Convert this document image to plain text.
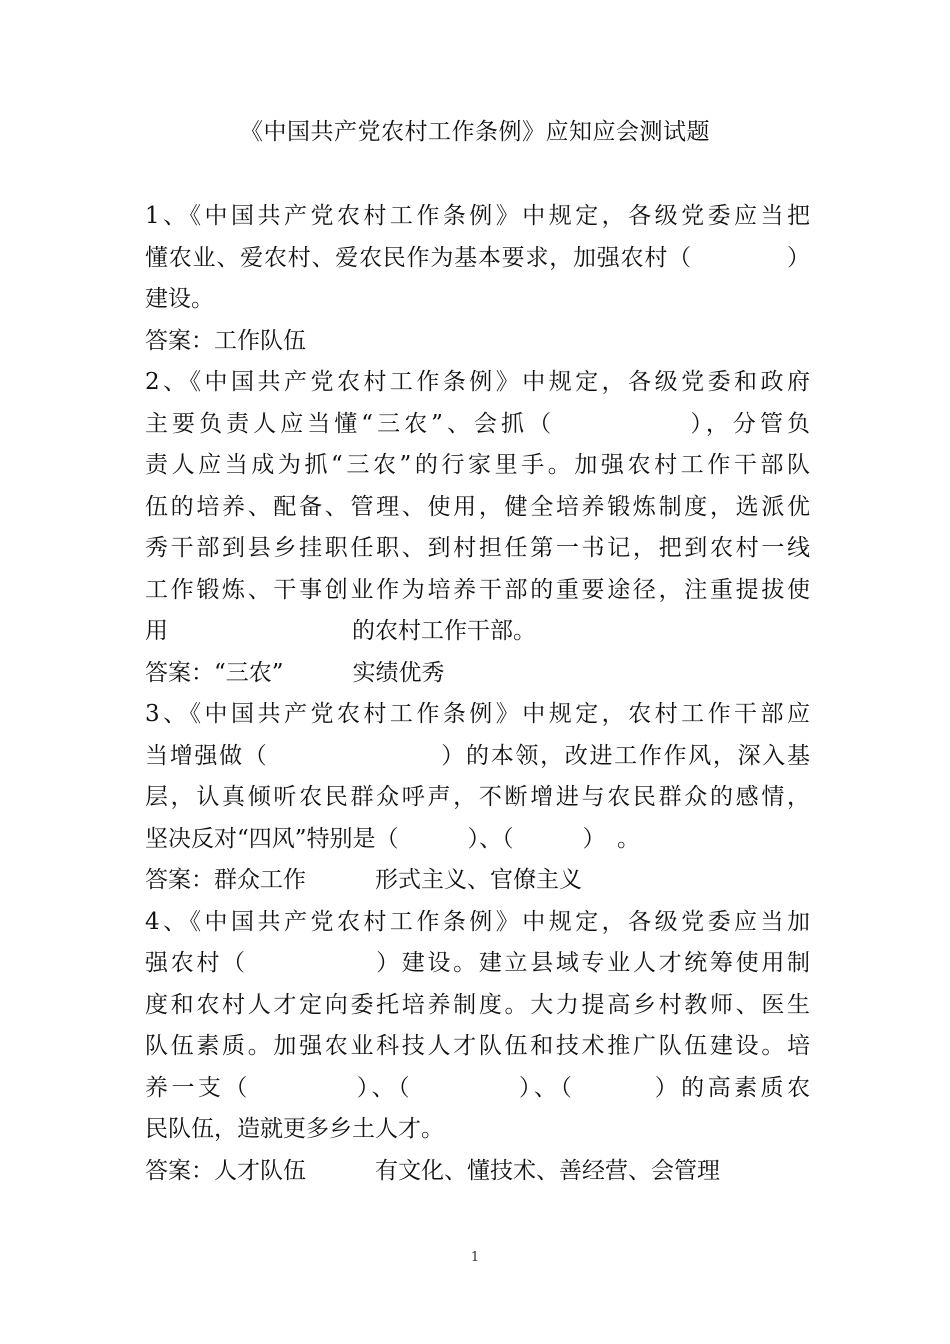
《中国共产党农村工作条例》应知应会测试题
1、《中国共产党农村工作条例》中规定，各级党委应当把
懂农业、爱农村、爱农民作为基本要求，加强农村（　　　　）
建设。
答案：工作队伍
2、《中国共产党农村工作条例》中规定，各级党委和政府
主要负责人应当懂“三农”、会抓（　　　　　），分管负
责人应当成为抓“三农”的行家里手。加强农村工作干部队
伍的培养、配备、管理、使用，健全培养锻炼制度，选派优
秀干部到县乡挂职任职、到村担任第一书记，把到农村一线
工作锻炼、干事创业作为培养干部的重要途径，注重提拔使
用　　　　　　　　的农村工作干部。
答案：“三农”　　　实绩优秀
3、《中国共产党农村工作条例》中规定，农村工作干部应
当增强做（　　　　　　　）的本领，改进工作作风，深入基
层，认真倾听农民群众呼声，不断增进与农民群众的感情，
坚决反对“四风”特别是（　　　）、（　　　）　。
答案：群众工作　　　形式主义、官僚主义
4、《中国共产党农村工作条例》中规定，各级党委应当加
强农村（　　　　　）建设。建立县域专业人才统筹使用制
度和农村人才定向委托培养制度。大力提高乡村教师、医生
队伍素质。加强农业科技人才队伍和技术推广队伍建设。培
养一支（　　　　）、（　　　　）、（　　　）的高素质农
民队伍，造就更多乡土人才。
答案：人才队伍　　　有文化、懂技术、善经营、会管理
1
